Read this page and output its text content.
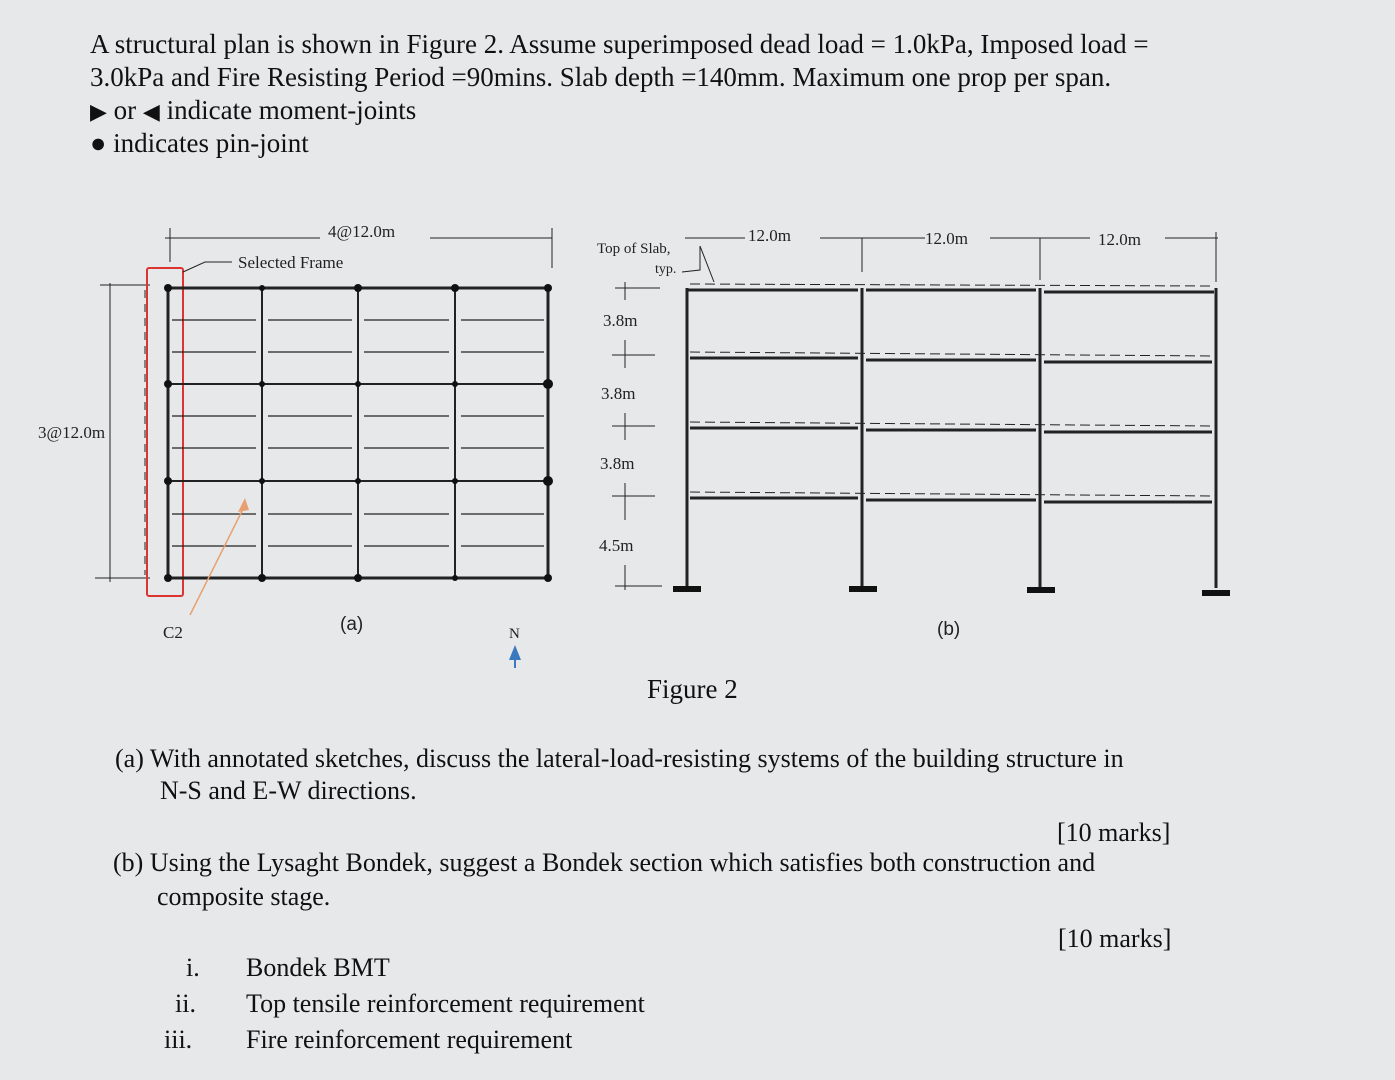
A structural plan is shown in Figure 2. Assume superimposed dead load = 1.0kPa, Imposed load =
3.0kPa and Fire Resisting Period =90mins. Slab depth =140mm. Maximum one prop per span.
▶ or ◀ indicate moment-joints
● indicates pin-joint
4@12.0m
Selected Frame
3@12.0m
C2	(a)	N
Top of Slab,
typ.
12.0m	12.0m	12.0m
3.8m
3.8m
3.8m
4.5m
(b)
Figure 2
(a) With annotated sketches, discuss the lateral-load-resisting systems of the building structure in
N-S and E-W directions.
[10 marks]
(b) Using the Lysaght Bondek, suggest a Bondek section which satisfies both construction and
composite stage.
[10 marks]
i. Bondek BMT
ii. Top tensile reinforcement requirement
iii. Fire reinforcement requirement
